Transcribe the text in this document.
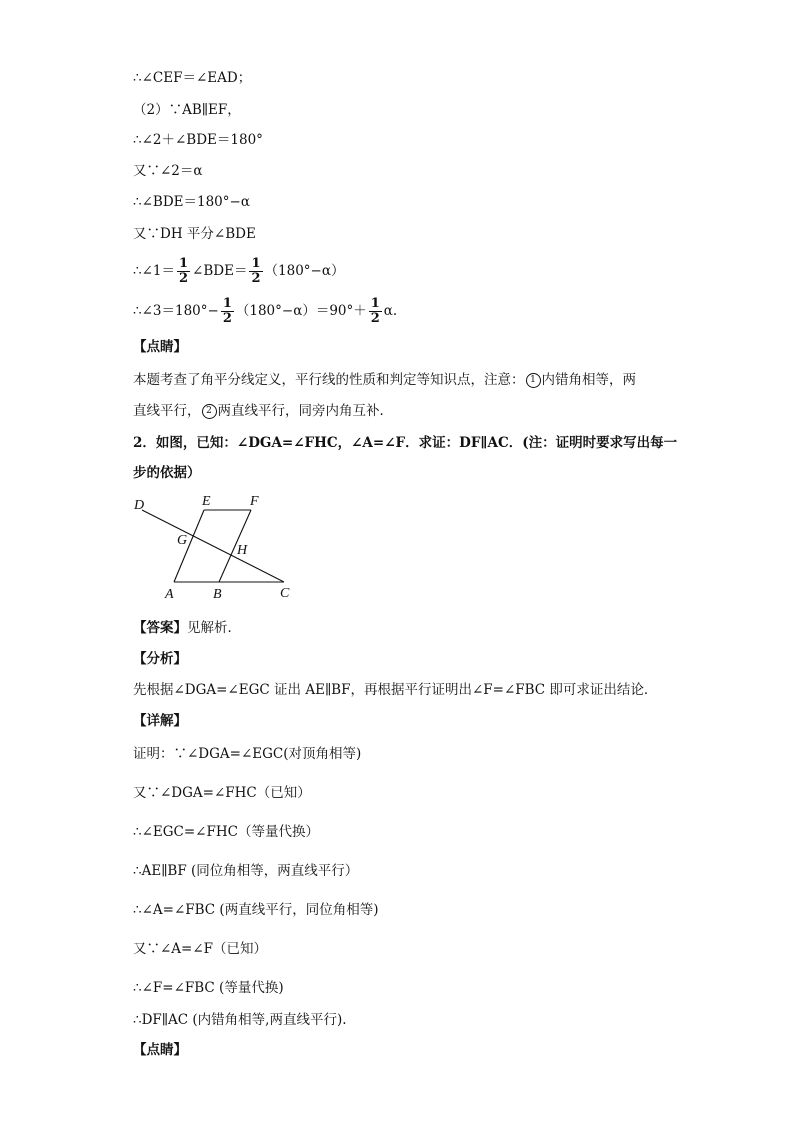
∴∠CEF＝∠EAD；
（2）∵AB∥EF，
∴∠2＋∠BDE＝180°
又∵∠2＝α
∴∠BDE＝180°−α
又∵DH 平分∠BDE
∴∠1＝ $\frac{1}{2}$ ∠BDE＝ $\frac{1}{2} (180^\circ-\alpha)$
∴∠3＝180°− $\frac{1}{2} (180^\circ-\alpha)=90^\circ+ \frac{1}{2} \alpha$.
【点睛】
本题考查了角平分线定义，平行线的性质和判定等知识点，注意： 1 内错角相等，两
直线平行， 2 两直线平行，同旁内角互补．
2．如图，已知：∠DGA=∠FHC，∠A=∠F．求证：DF∥AC．(注：证明时要求写出每一
步的依据）
D	E	F
G
H
A	B	C
【答案】见解析．
【分析】
先根据∠DGA=∠EGC 证出 AE∥BF，再根据平行证明出∠F=∠FBC 即可求证出结论．
【详解】
证明：∵∠DGA=∠EGC(对顶角相等)
又∵∠DGA=∠FHC（已知）
∴∠EGC=∠FHC（等量代换）
∴AE∥BF (同位角相等，两直线平行）
∴∠A=∠FBC (两直线平行，同位角相等)
又∵∠A=∠F（已知）
∴∠F=∠FBC (等量代换)
∴DF∥AC (内错角相等,两直线平行).
【点睛】
